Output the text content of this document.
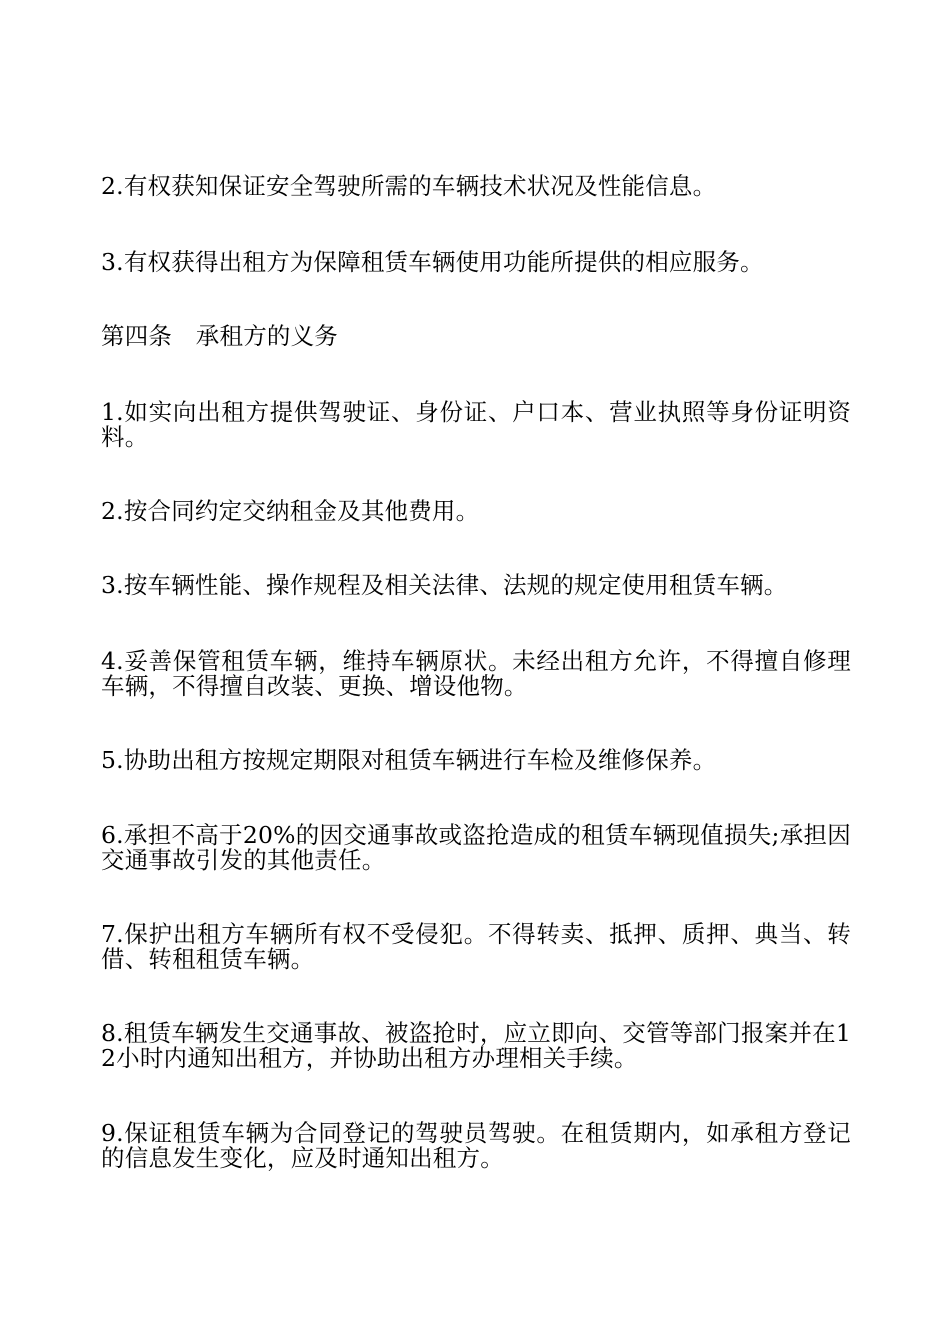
2.有权获知保证安全驾驶所需的车辆技术状况及性能信息。

3.有权获得出租方为保障租赁车辆使用功能所提供的相应服务。

第四条　承租方的义务

1.如实向出租方提供驾驶证、身份证、户口本、营业执照等身份证明资料。

2.按合同约定交纳租金及其他费用。

3.按车辆性能、操作规程及相关法律、法规的规定使用租赁车辆。

4.妥善保管租赁车辆，维持车辆原状。未经出租方允许，不得擅自修理车辆，不得擅自改装、更换、增设他物。

5.协助出租方按规定期限对租赁车辆进行车检及维修保养。

6.承担不高于20%的因交通事故或盗抢造成的租赁车辆现值损失;承担因交通事故引发的其他责任。

7.保护出租方车辆所有权不受侵犯。不得转卖、抵押、质押、典当、转借、转租租赁车辆。

8.租赁车辆发生交通事故、被盗抢时，应立即向、交管等部门报案并在12小时内通知出租方，并协助出租方办理相关手续。

9.保证租赁车辆为合同登记的驾驶员驾驶。在租赁期内，如承租方登记的信息发生变化，应及时通知出租方。
